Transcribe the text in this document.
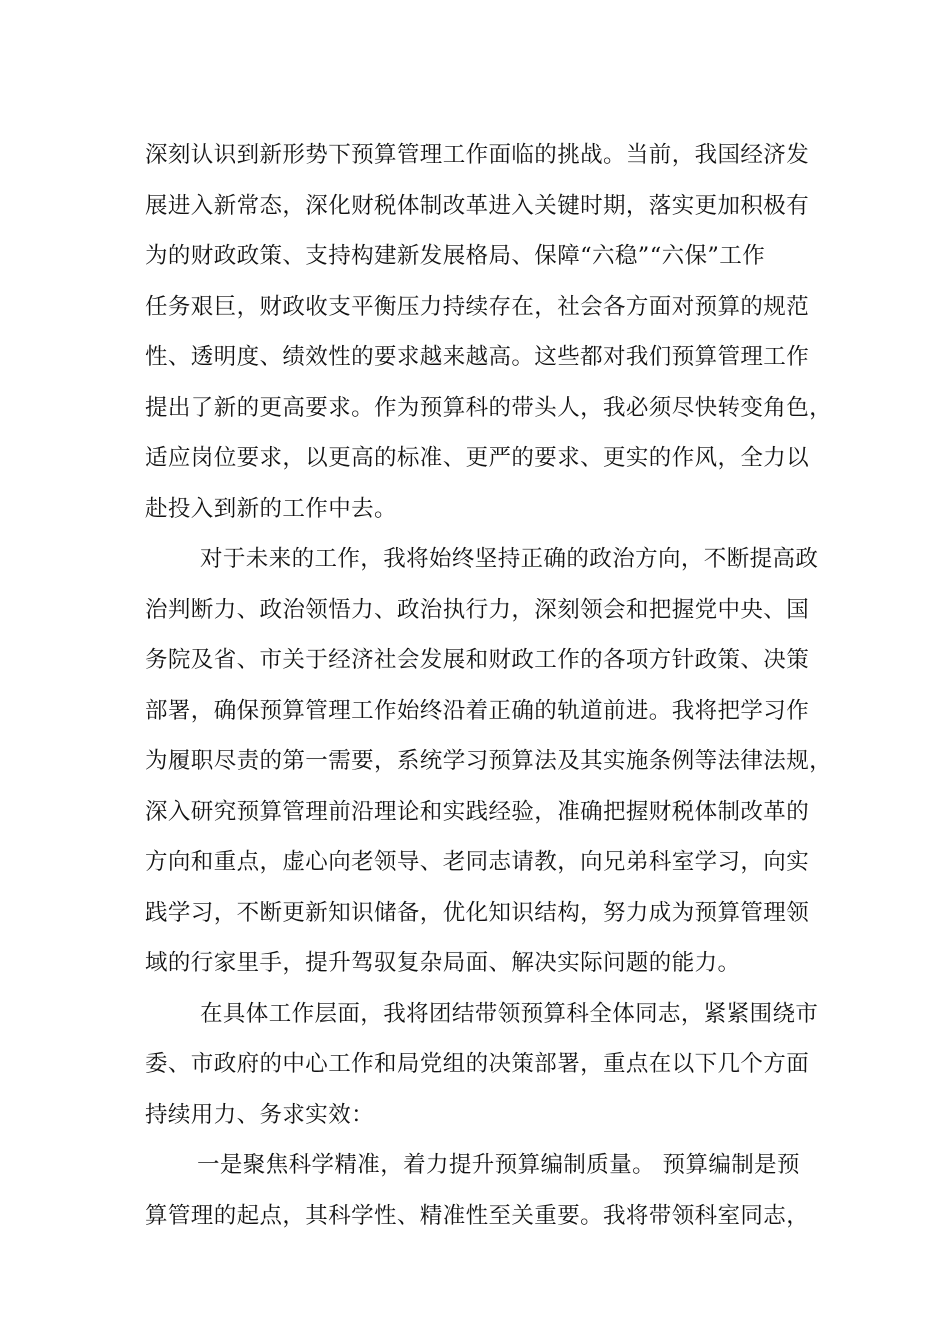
深刻认识到新形势下预算管理工作面临的挑战。当前，我国经济发
展进入新常态，深化财税体制改革进入关键时期，落实更加积极有
为的财政政策、支持构建新发展格局、保障“六稳”“六保”工作
任务艰巨，财政收支平衡压力持续存在，社会各方面对预算的规范
性、透明度、绩效性的要求越来越高。这些都对我们预算管理工作
提出了新的更高要求。作为预算科的带头人，我必须尽快转变角色，
适应岗位要求，以更高的标准、更严的要求、更实的作风，全力以
赴投入到新的工作中去。
对于未来的工作，我将始终坚持正确的政治方向，不断提高政
治判断力、政治领悟力、政治执行力，深刻领会和把握党中央、国
务院及省、市关于经济社会发展和财政工作的各项方针政策、决策
部署，确保预算管理工作始终沿着正确的轨道前进。我将把学习作
为履职尽责的第一需要，系统学习预算法及其实施条例等法律法规，
深入研究预算管理前沿理论和实践经验，准确把握财税体制改革的
方向和重点，虚心向老领导、老同志请教，向兄弟科室学习，向实
践学习，不断更新知识储备，优化知识结构，努力成为预算管理领
域的行家里手，提升驾驭复杂局面、解决实际问题的能力。
在具体工作层面，我将团结带领预算科全体同志，紧紧围绕市
委、市政府的中心工作和局党组的决策部署，重点在以下几个方面
持续用力、务求实效：
一是聚焦科学精准，着力提升预算编制质量。 预算编制是预
算管理的起点，其科学性、精准性至关重要。我将带领科室同志，
